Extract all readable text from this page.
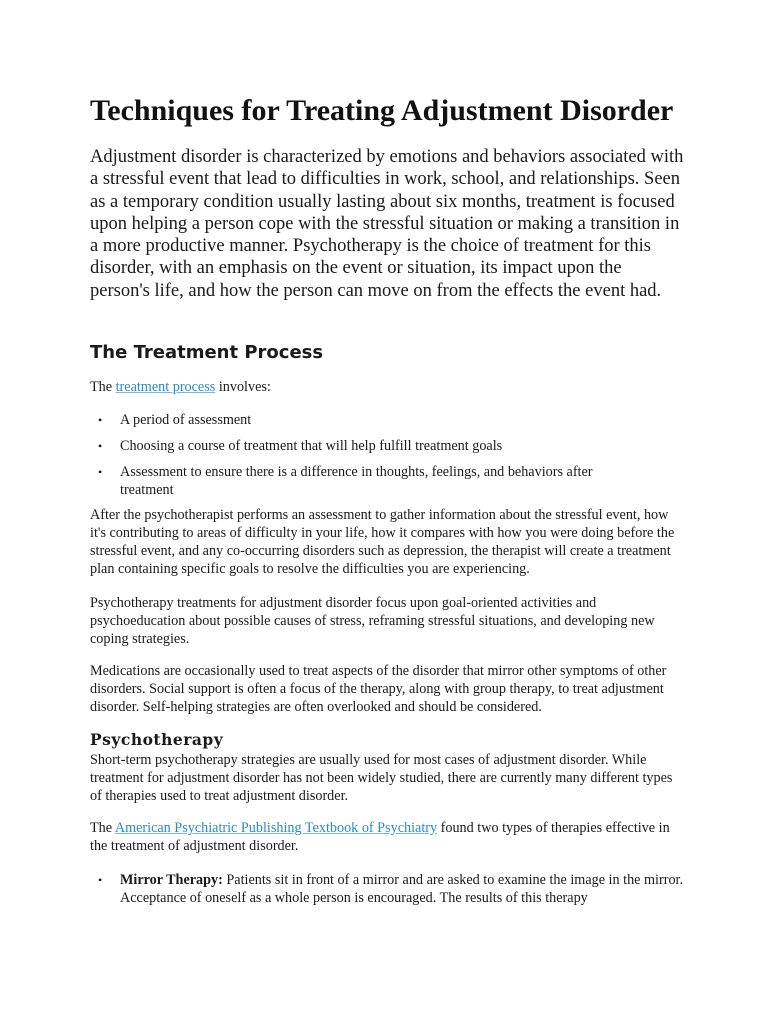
Techniques for Treating Adjustment Disorder

Adjustment disorder is characterized by emotions and behaviors associated with a stressful event that lead to difficulties in work, school, and relationships. Seen as a temporary condition usually lasting about six months, treatment is focused upon helping a person cope with the stressful situation or making a transition in a more productive manner. Psychotherapy is the choice of treatment for this disorder, with an emphasis on the event or situation, its impact upon the person's life, and how the person can move on from the effects the event had.

The Treatment Process

The treatment process involves:

• A period of assessment
• Choosing a course of treatment that will help fulfill treatment goals
• Assessment to ensure there is a difference in thoughts, feelings, and behaviors after treatment

After the psychotherapist performs an assessment to gather information about the stressful event, how it's contributing to areas of difficulty in your life, how it compares with how you were doing before the stressful event, and any co-occurring disorders such as depression, the therapist will create a treatment plan containing specific goals to resolve the difficulties you are experiencing.

Psychotherapy treatments for adjustment disorder focus upon goal-oriented activities and psychoeducation about possible causes of stress, reframing stressful situations, and developing new coping strategies.

Medications are occasionally used to treat aspects of the disorder that mirror other symptoms of other disorders. Social support is often a focus of the therapy, along with group therapy, to treat adjustment disorder. Self-helping strategies are often overlooked and should be considered.

Psychotherapy

Short-term psychotherapy strategies are usually used for most cases of adjustment disorder. While treatment for adjustment disorder has not been widely studied, there are currently many different types of therapies used to treat adjustment disorder.

The American Psychiatric Publishing Textbook of Psychiatry found two types of therapies effective in the treatment of adjustment disorder.

• Mirror Therapy: Patients sit in front of a mirror and are asked to examine the image in the mirror. Acceptance of oneself as a whole person is encouraged. The results of this therapy
